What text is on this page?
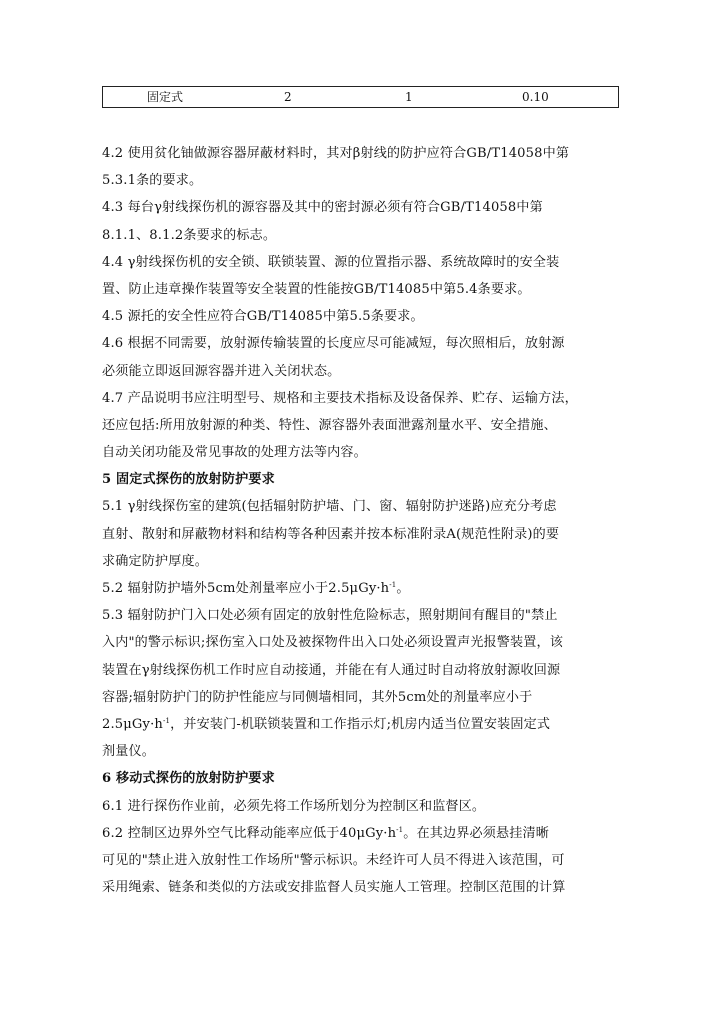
固定式	2	1	0.10
4.2 使用贫化铀做源容器屏蔽材料时，其对β射线的防护应符合GB/T14058中第
5.3.1条的要求。
4.3 每台γ射线探伤机的源容器及其中的密封源必须有符合GB/T14058中第
8.1.1、8.1.2条要求的标志。
4.4 γ射线探伤机的安全锁、联锁装置、源的位置指示器、系统故障时的安全装
置、防止违章操作装置等安全装置的性能按GB/T14085中第5.4条要求。
4.5 源托的安全性应符合GB/T14085中第5.5条要求。
4.6 根据不同需要，放射源传输装置的长度应尽可能减短，每次照相后，放射源
必须能立即返回源容器并进入关闭状态。
4.7 产品说明书应注明型号、规格和主要技术指标及设备保养、贮存、运输方法，
还应包括:所用放射源的种类、特性、源容器外表面泄露剂量水平、安全措施、
自动关闭功能及常见事故的处理方法等内容。
5 固定式探伤的放射防护要求
5.1 γ射线探伤室的建筑(包括辐射防护墙、门、窗、辐射防护迷路)应充分考虑
直射、散射和屏蔽物材料和结构等各种因素并按本标准附录A(规范性附录)的要
求确定防护厚度。
5.2 辐射防护墙外5cm处剂量率应小于$2.5\mu Gy\cdot h^{-1}$。
5.3 辐射防护门入口处必须有固定的放射性危险标志，照射期间有醒目的"禁止
入内"的警示标识;探伤室入口处及被探物件出入口处必须设置声光报警装置，该
装置在γ射线探伤机工作时应自动接通，并能在有人通过时自动将放射源收回源
容器;辐射防护门的防护性能应与同侧墙相同，其外5cm处的剂量率应小于
$2.5\mu Gy\cdot h^{-1}$，并安装门-机联锁装置和工作指示灯;机房内适当位置安装固定式
剂量仪。
6 移动式探伤的放射防护要求
6.1 进行探伤作业前，必须先将工作场所划分为控制区和监督区。
6.2 控制区边界外空气比释动能率应低于$40\mu Gy\cdot h^{-1}$。在其边界必须悬挂清晰
可见的"禁止进入放射性工作场所"警示标识。未经许可人员不得进入该范围，可
采用绳索、链条和类似的方法或安排监督人员实施人工管理。控制区范围的计算
